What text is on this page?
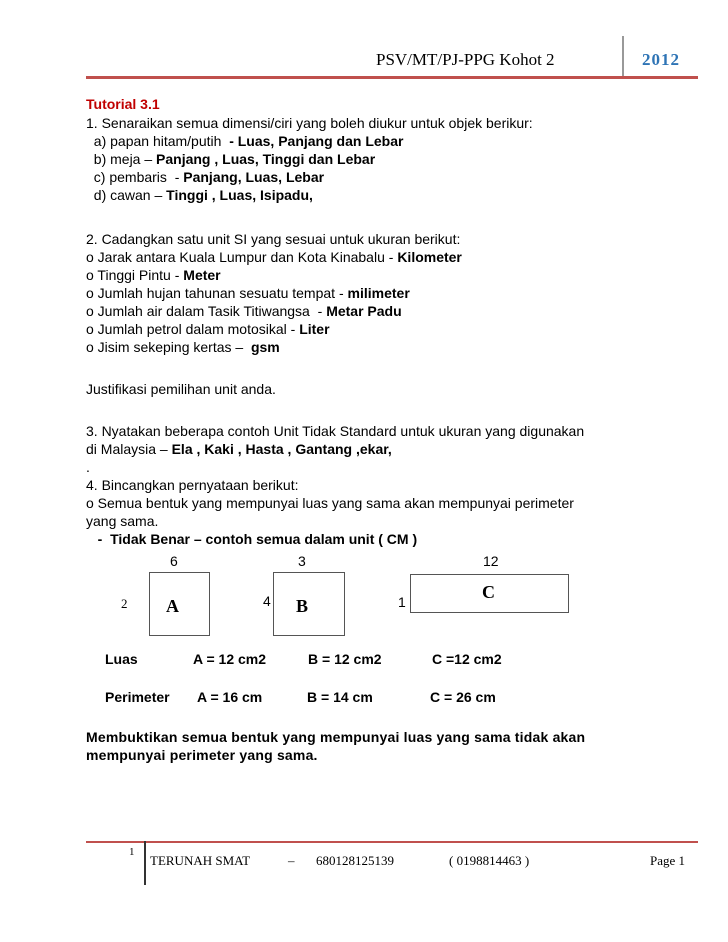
PSV/MT/PJ-PPG Kohot 2	2012
Tutorial 3.1
1. Senaraikan semua dimensi/ciri yang boleh diukur untuk objek berikur:
a) papan hitam/putih  - Luas, Panjang dan Lebar
b) meja – Panjang , Luas, Tinggi dan Lebar
c) pembaris  - Panjang, Luas, Lebar
d) cawan – Tinggi , Luas, Isipadu,
2. Cadangkan satu unit SI yang sesuai untuk ukuran berikut:
o Jarak antara Kuala Lumpur dan Kota Kinabalu - Kilometer
o Tinggi Pintu - Meter
o Jumlah hujan tahunan sesuatu tempat - milimeter
o Jumlah air dalam Tasik Titiwangsa  - Metar Padu
o Jumlah petrol dalam motosikal - Liter
o Jisim sekeping kertas –  gsm
Justifikasi pemilihan unit anda.
3. Nyatakan beberapa contoh Unit Tidak Standard untuk ukuran yang digunakan
di Malaysia – Ela , Kaki , Hasta , Gantang ,ekar,
.
4. Bincangkan pernyataan berikut:
o Semua bentuk yang mempunyai luas yang sama akan mempunyai perimeter
yang sama.
-  Tidak Benar – contoh semua dalam unit ( CM )
6	3	12
2 A	4 B	1	C
Luas	A = 12 cm2	B = 12 cm2	C =12 cm2
Perimeter A = 16 cm	B = 14 cm	C = 26 cm
Membuktikan semua bentuk yang mempunyai luas yang sama tidak akan
mempunyai perimeter yang sama.
1
TERUNAH SMAT	– 680128125139	( 0198814463 )	Page 1
